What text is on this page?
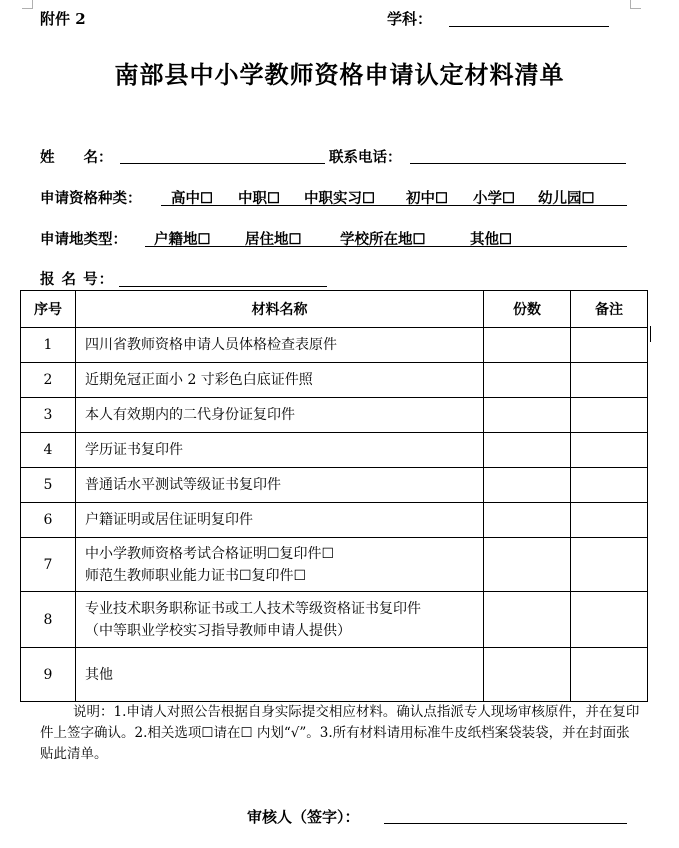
附件 2	学科：
南部县中小学教师资格申请认定材料清单
姓　　名：	联系电话：
申请资格种类： 高中☐ 中职☐ 中职实习☐ 初中☐ 小学☐ 幼儿园☐
申请地类型： 户籍地☐ 居住地☐	学校所在地☐	其他☐
报 名 号：
序号	材料名称	份数	备注
1	四川省教师资格申请人员体格检查表原件		
2	近期免冠正面小 2 寸彩色白底证件照		
3	本人有效期内的二代身份证复印件		
4	学历证书复印件		
5	普通话水平测试等级证书复印件		
6	户籍证明或居住证明复印件		
7	中小学教师资格考试合格证明☐复印件☐
师范生教师职业能力证书☐复印件☐		

8	专业技术职务职称证书或工人技术等级资格证书复印件
（中等职业学校实习指导教师申请人提供）		

9	其他		
说明：1.申请人对照公告根据自身实际提交相应材料。确认点指派专人现场审核原件，并在复印件上签字确认。2.相关选项☐请在☐ 内划“√”。3.所有材料请用标准牛皮纸档案袋装袋，并在封面张贴此清单。
审核人（签字）：
